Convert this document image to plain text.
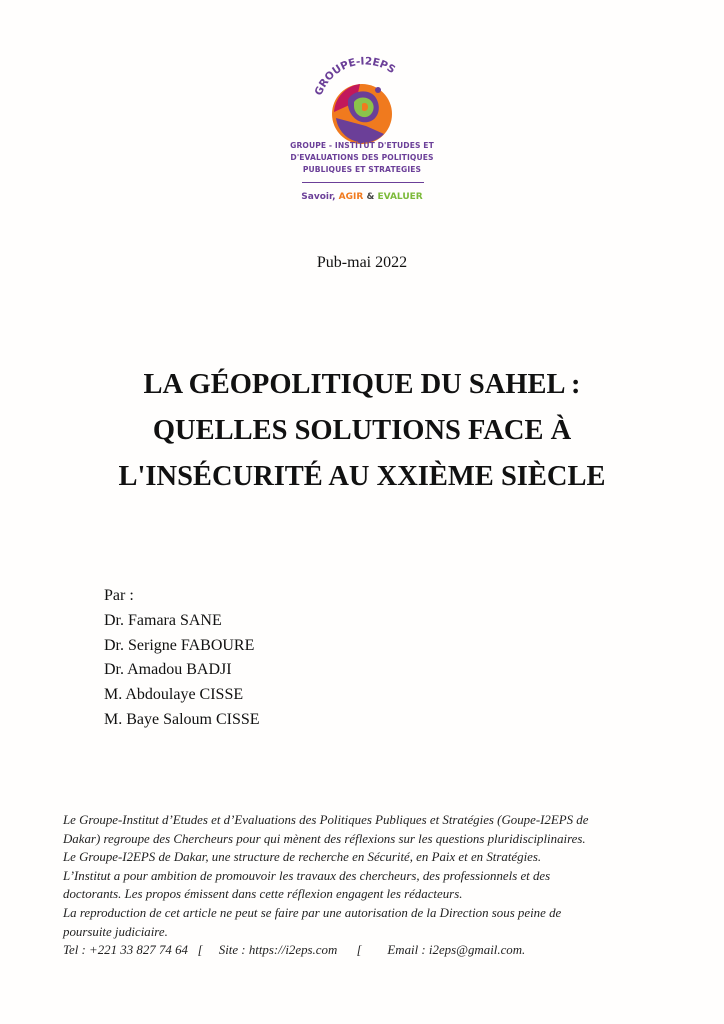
GROUPE-I2EPS
GROUPE - INSTITUT D'ETUDES ET
D'EVALUATIONS DES POLITIQUES
PUBLIQUES ET STRATEGIES
Savoir, AGIR & EVALUER
Pub-mai 2022
LA GÉOPOLITIQUE DU SAHEL :
QUELLES SOLUTIONS FACE À
L'INSÉCURITÉ AU XXIÈME SIÈCLE
Par :
Dr. Famara SANE
Dr. Serigne FABOURE
Dr. Amadou BADJI
M. Abdoulaye CISSE
M. Baye Saloum CISSE
Le Groupe-Institut d’Etudes et d’Evaluations des Politiques Publiques et Stratégies (Goupe-I2EPS de
Dakar) regroupe des Chercheurs pour qui mènent des réflexions sur les questions pluridisciplinaires.
Le Groupe-I2EPS de Dakar, une structure de recherche en Sécurité, en Paix et en Stratégies.
L’Institut a pour ambition de promouvoir les travaux des chercheurs, des professionnels et des
doctorants. Les propos émissent dans cette réflexion engagent les rédacteurs.
La reproduction de cet article ne peut se faire par une autorisation de la Direction sous peine de
poursuite judiciaire.
Tel : +221 33 827 74 64   [     Site : https://i2eps.com      [        Email : i2eps@gmail.com.
